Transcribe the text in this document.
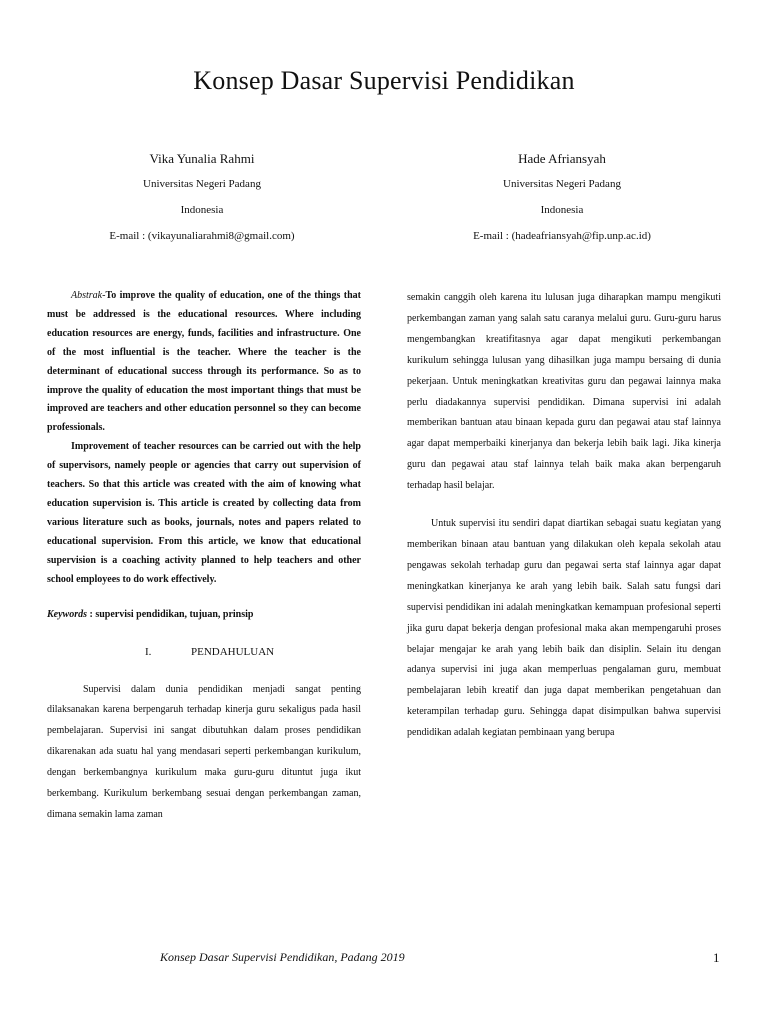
Konsep Dasar Supervisi Pendidikan
Vika Yunalia Rahmi
Universitas Negeri Padang
Indonesia
E-mail : (vikayunaliarahmi8@gmail.com)
Hade Afriansyah
Universitas Negeri Padang
Indonesia
E-mail : (hadeafriansyah@fip.unp.ac.id)

Abstrak-To improve the quality of education, one of the things that must be addressed is the educational resources. Where including education resources are energy, funds, facilities and infrastructure. One of the most influential is the teacher. Where the teacher is the determinant of educational success through its performance. So as to improve the quality of education the most important things that must be improved are teachers and other education personnel so they can become professionals.

Improvement of teacher resources can be carried out with the help of supervisors, namely people or agencies that carry out supervision of teachers. So that this article was created with the aim of knowing what education supervision is. This article is created by collecting data from various literature such as books, journals, notes and papers related to educational supervision. From this article, we know that educational supervision is a coaching activity planned to help teachers and other school employees to do work effectively.

Keywords : supervisi pendidikan, tujuan, prinsip

I.	PENDAHULUAN

Supervisi dalam dunia pendidikan menjadi sangat penting dilaksanakan karena berpengaruh terhadap kinerja guru sekaligus pada hasil pembelajaran. Supervisi ini sangat dibutuhkan dalam proses pendidikan dikarenakan ada suatu hal yang mendasari seperti perkembangan kurikulum, dengan berkembangnya kurikulum maka guru-guru dituntut juga ikut berkembang. Kurikulum berkembang sesuai dengan perkembangan zaman, dimana semakin lama zaman

semakin canggih oleh karena itu lulusan juga diharapkan mampu mengikuti perkembangan zaman yang salah satu caranya melalui guru. Guru-guru harus mengembangkan kreatifitasnya agar dapat mengikuti perkembangan kurikulum sehingga lulusan yang dihasilkan juga mampu bersaing di dunia pekerjaan. Untuk meningkatkan kreativitas guru dan pegawai lainnya maka perlu diadakannya supervisi pendidikan. Dimana supervisi ini adalah memberikan bantuan atau binaan kepada guru dan pegawai atau staf lainnya agar dapat memperbaiki kinerjanya dan bekerja lebih baik lagi. Jika kinerja guru dan pegawai atau staf lainnya telah baik maka akan berpengaruh terhadap hasil belajar.

Untuk supervisi itu sendiri dapat diartikan sebagai suatu kegiatan yang memberikan binaan atau bantuan yang dilakukan oleh kepala sekolah atau pengawas sekolah terhadap guru dan pegawai serta staf lainnya agar dapat meningkatkan kinerjanya ke arah yang lebih baik. Salah satu fungsi dari supervisi pendidikan ini adalah meningkatkan kemampuan profesional seperti jika guru dapat bekerja dengan profesional maka akan mempengaruhi proses belajar mengajar ke arah yang lebih baik dan disiplin. Selain itu dengan adanya supervisi ini juga akan memperluas pengalaman guru, membuat pembelajaran lebih kreatif dan juga dapat memberikan pengetahuan dan keterampilan terhadap guru. Sehingga dapat disimpulkan bahwa supervisi pendidikan adalah kegiatan pembinaan yang berupa

Konsep Dasar Supervisi Pendidikan, Padang 2019	1
